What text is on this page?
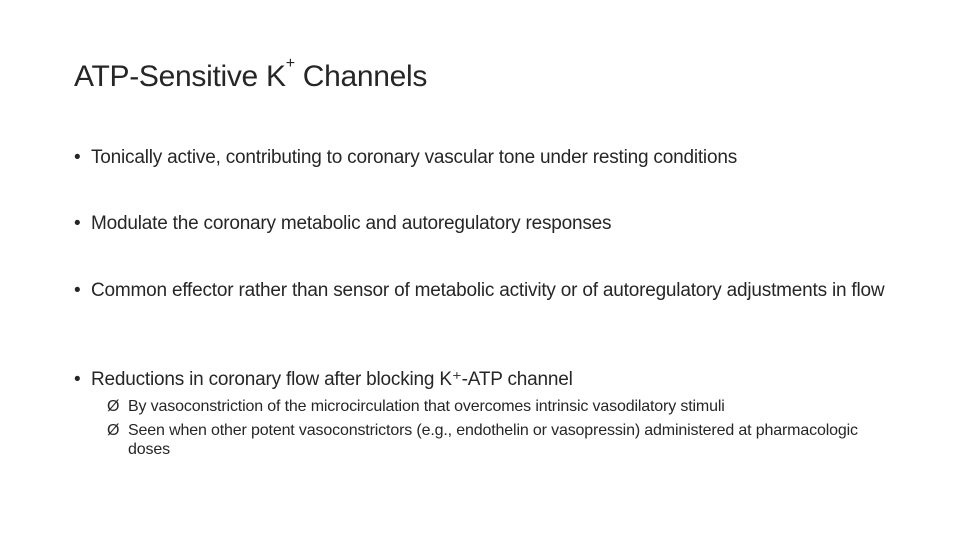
ATP-Sensitive K+ Channels
• Tonically active, contributing to coronary vascular tone under resting conditions
• Modulate the coronary metabolic and autoregulatory responses
• Common effector rather than sensor of metabolic activity or of autoregulatory adjustments in flow
• Reductions in coronary flow after blocking K⁺-ATP channel
Ø By vasoconstriction of the microcirculation that overcomes intrinsic vasodilatory stimuli
Ø Seen when other potent vasoconstrictors (e.g., endothelin or vasopressin) administered at pharmacologic doses
